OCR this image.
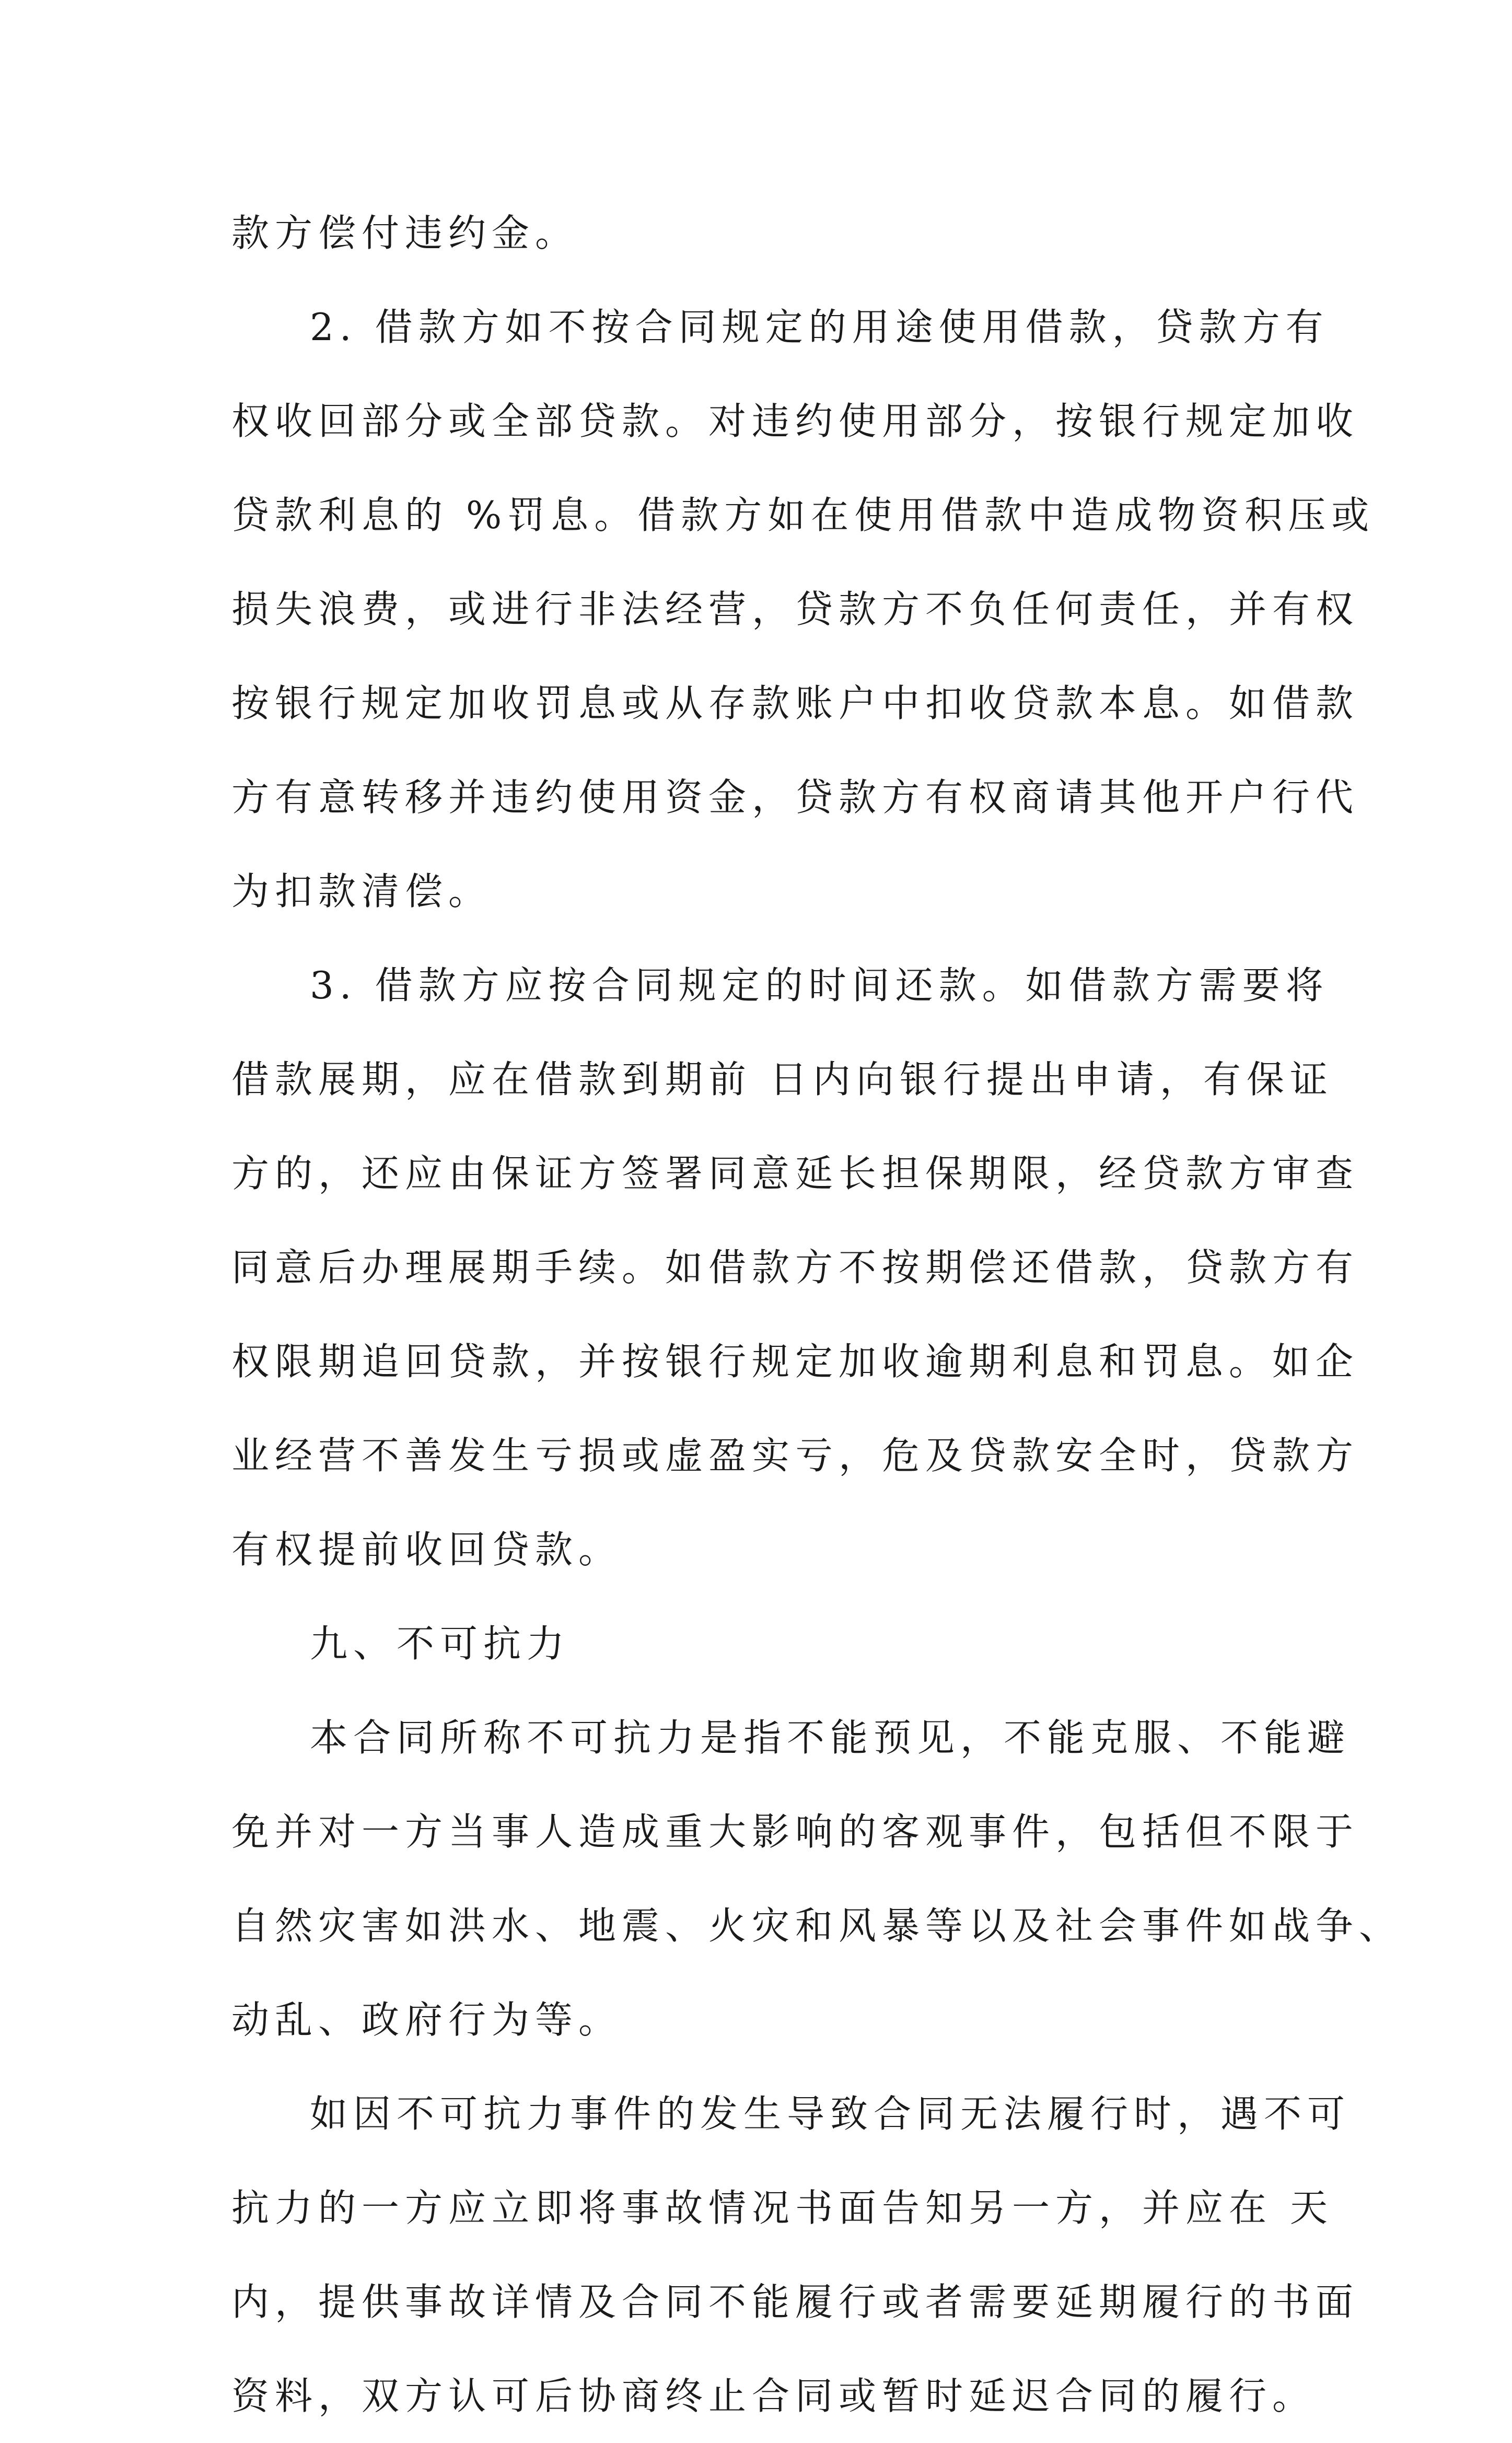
款方偿付违约金。
2. 借款方如不按合同规定的用途使用借款，贷款方有
权收回部分或全部贷款。对违约使用部分，按银行规定加收
贷款利息的 %罚息。借款方如在使用借款中造成物资积压或
损失浪费，或进行非法经营，贷款方不负任何责任，并有权
按银行规定加收罚息或从存款账户中扣收贷款本息。如借款
方有意转移并违约使用资金，贷款方有权商请其他开户行代
为扣款清偿。
3. 借款方应按合同规定的时间还款。如借款方需要将
借款展期，应在借款到期前 日内向银行提出申请，有保证
方的，还应由保证方签署同意延长担保期限，经贷款方审查
同意后办理展期手续。如借款方不按期偿还借款，贷款方有
权限期追回贷款，并按银行规定加收逾期利息和罚息。如企
业经营不善发生亏损或虚盈实亏，危及贷款安全时，贷款方
有权提前收回贷款。
九、不可抗力
本合同所称不可抗力是指不能预见，不能克服、不能避
免并对一方当事人造成重大影响的客观事件，包括但不限于
自然灾害如洪水、地震、火灾和风暴等以及社会事件如战争、
动乱、政府行为等。
如因不可抗力事件的发生导致合同无法履行时，遇不可
抗力的一方应立即将事故情况书面告知另一方，并应在 天
内，提供事故详情及合同不能履行或者需要延期履行的书面
资料，双方认可后协商终止合同或暂时延迟合同的履行。
